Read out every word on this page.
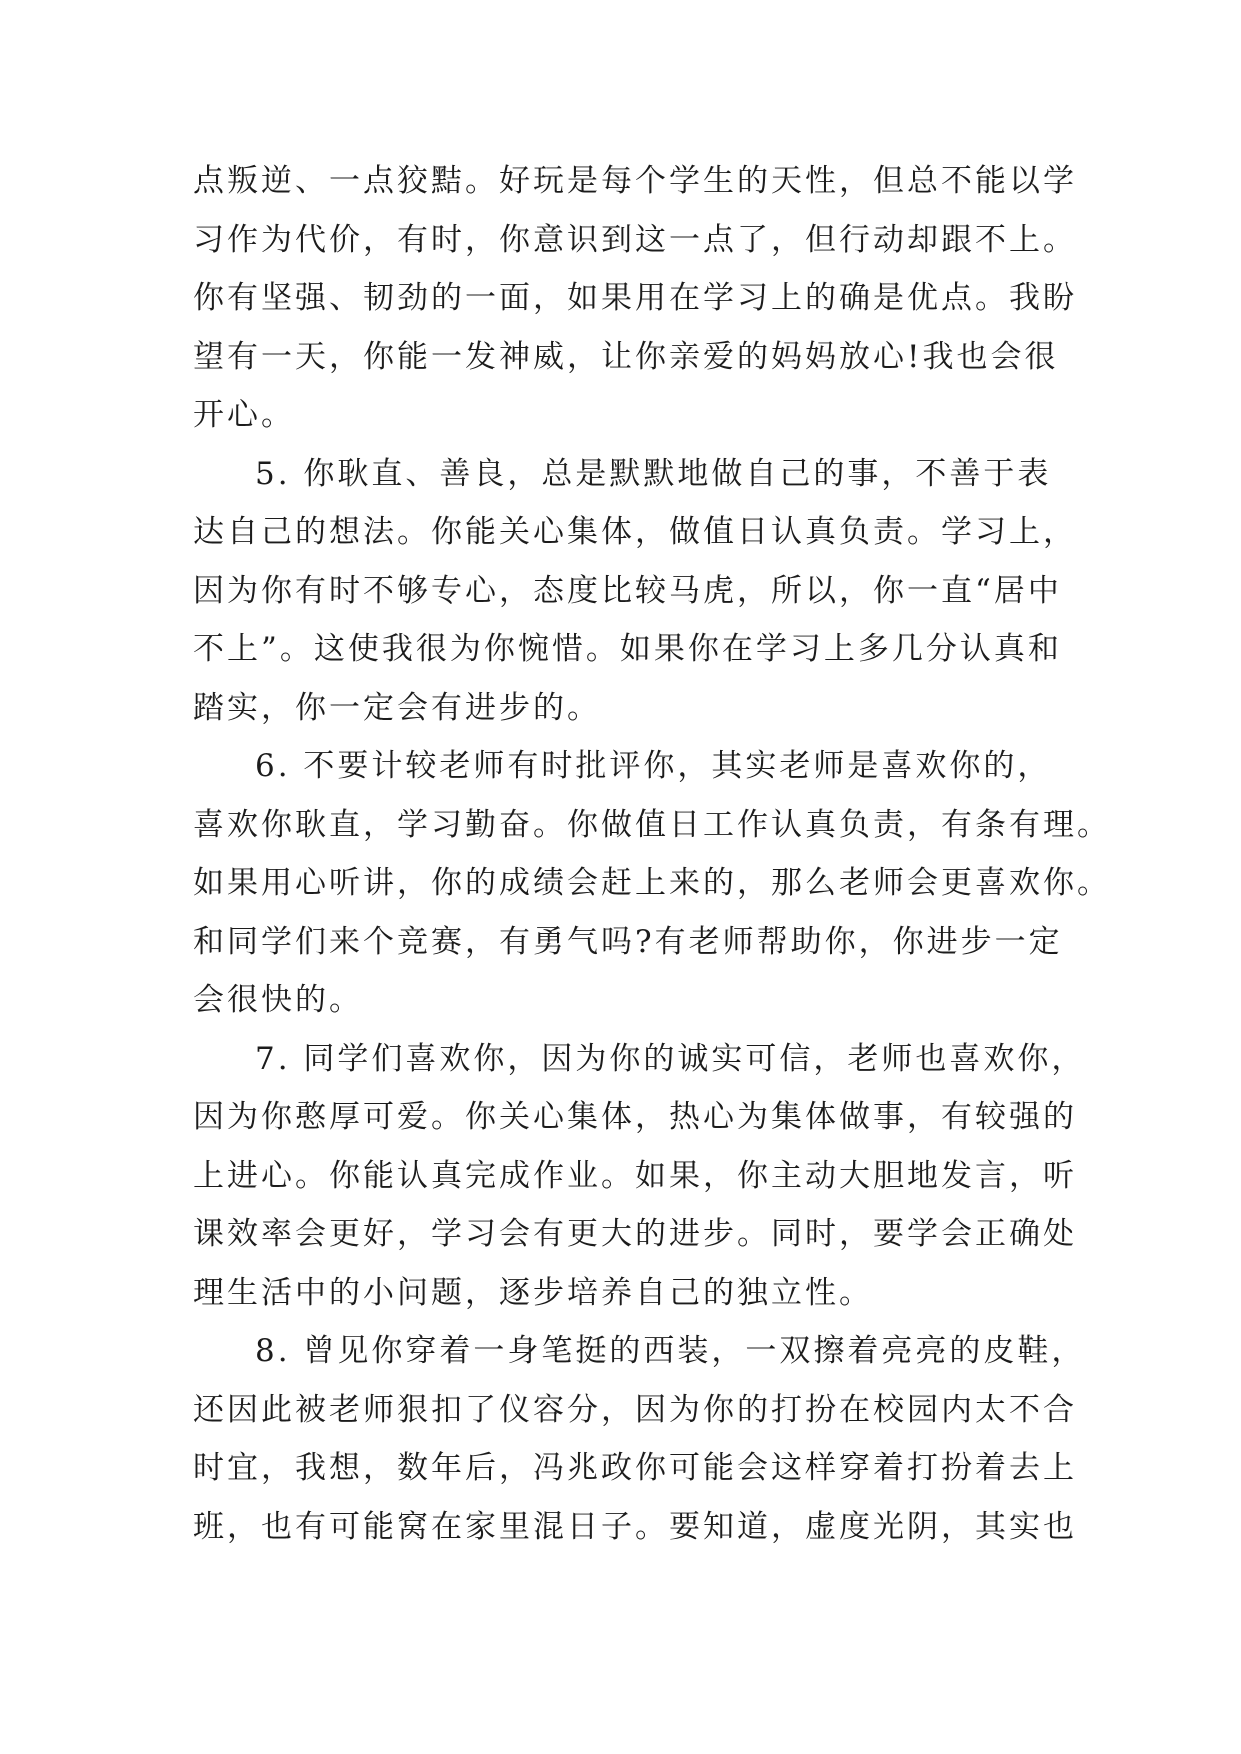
点叛逆、一点狡黠。好玩是每个学生的天性，但总不能以学
习作为代价，有时，你意识到这一点了，但行动却跟不上。
你有坚强、韧劲的一面，如果用在学习上的确是优点。我盼
望有一天，你能一发神威，让你亲爱的妈妈放心!我也会很
开心。
5. 你耿直、善良，总是默默地做自己的事，不善于表
达自己的想法。你能关心集体，做值日认真负责。学习上，
因为你有时不够专心，态度比较马虎，所以，你一直“居中
不上”。这使我很为你惋惜。如果你在学习上多几分认真和
踏实，你一定会有进步的。
6. 不要计较老师有时批评你，其实老师是喜欢你的，
喜欢你耿直，学习勤奋。你做值日工作认真负责，有条有理。
如果用心听讲，你的成绩会赶上来的，那么老师会更喜欢你。
和同学们来个竞赛，有勇气吗?有老师帮助你，你进步一定
会很快的。
7. 同学们喜欢你，因为你的诚实可信，老师也喜欢你，
因为你憨厚可爱。你关心集体，热心为集体做事，有较强的
上进心。你能认真完成作业。如果，你主动大胆地发言，听
课效率会更好，学习会有更大的进步。同时，要学会正确处
理生活中的小问题，逐步培养自己的独立性。
8. 曾见你穿着一身笔挺的西装，一双擦着亮亮的皮鞋，
还因此被老师狠扣了仪容分，因为你的打扮在校园内太不合
时宜，我想，数年后，冯兆政你可能会这样穿着打扮着去上
班，也有可能窝在家里混日子。要知道，虚度光阴，其实也
